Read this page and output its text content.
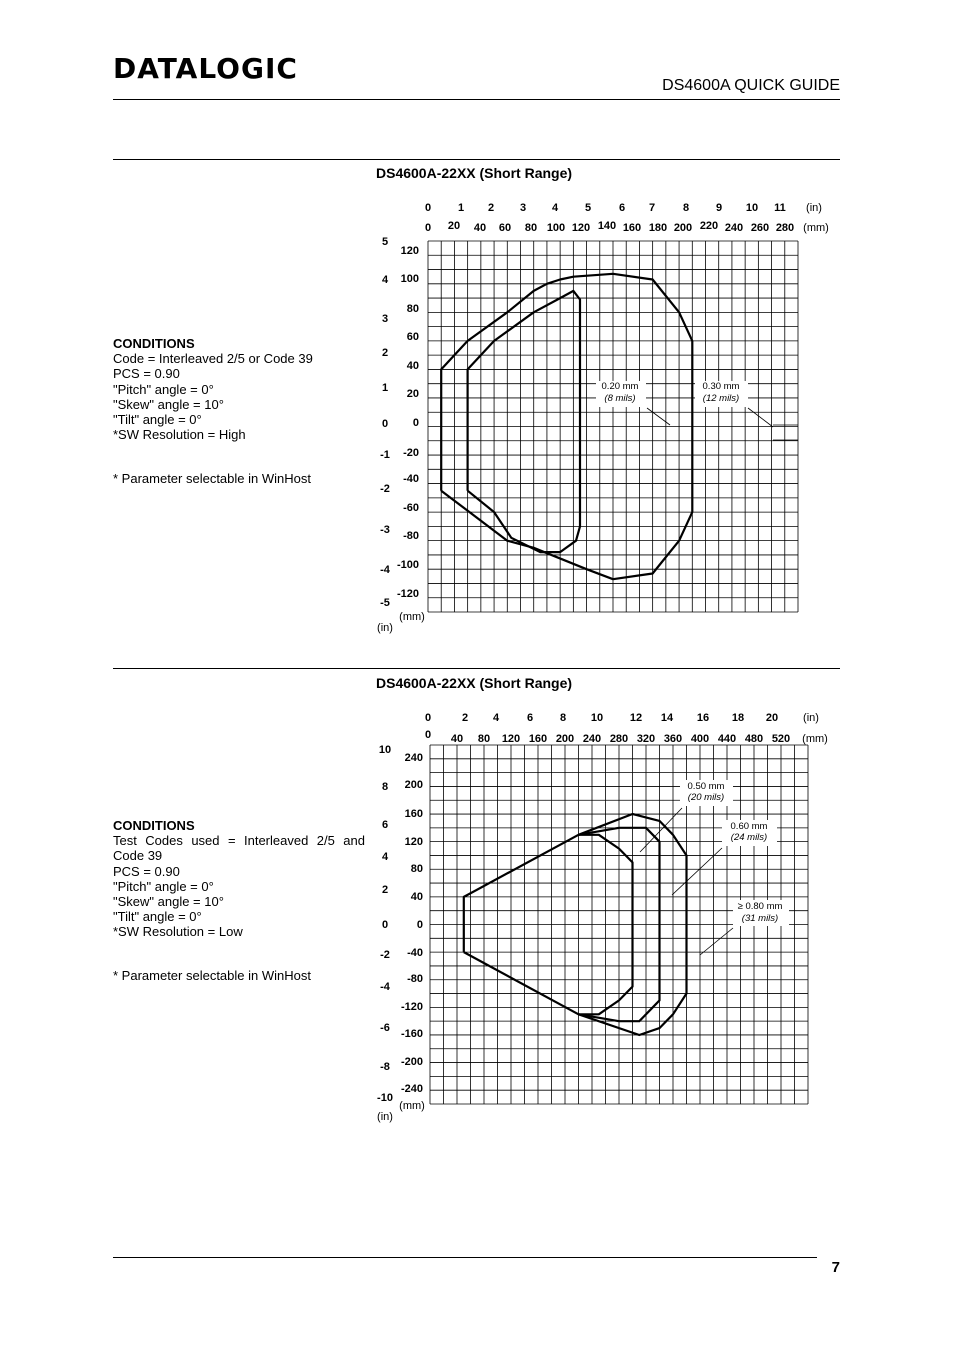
DATALOGIC
DS4600A QUICK GUIDE
DS4600A-22XX (Short Range)
CONDITIONS
Code = Interleaved 2/5 or Code 39
PCS = 0.90
"Pitch" angle = 0°
"Skew" angle = 10°
"Tilt" angle = 0°
*SW Resolution = High
* Parameter selectable in WinHost
DS4600A-22XX (Short Range)
CONDITIONS
Test Codes used = Interleaved 2/5 and Code 39
PCS = 0.90
"Pitch" angle = 0°
"Skew" angle = 10°
"Tilt" angle = 0°
*SW Resolution = Low
* Parameter selectable in WinHost
0 1 2 3 4 5	6 7	8 9 10 11
0 20 40 60 80 100 120 140 160 180 200 220 240 260 280
120
100
80
60
40
20
0
-20
-40
-60
-80
-100
-120
5
4
3
2
1
0
-1
-2
-3
-4
-5
(in)
(mm)
(mm)
(in)
0.20 mm
(8 mils)
0.30 mm
(12 mils)
0	2 4	6 8 10 12 14 16 18 20
0 40 80 120 160 200 240 280 320 360 400 440 480 520
240
200
160
120
80
40
0
-40
-80
-120
-160
-200
-240
10
8
6
4
2
0
-2
-4
-6
-8
-10
(in)
(mm)
(mm)
(in)
0.50 mm
(20 mils)
0.60 mm
(24 mils)
≥ 0.80 mm
(31 mils)
7
